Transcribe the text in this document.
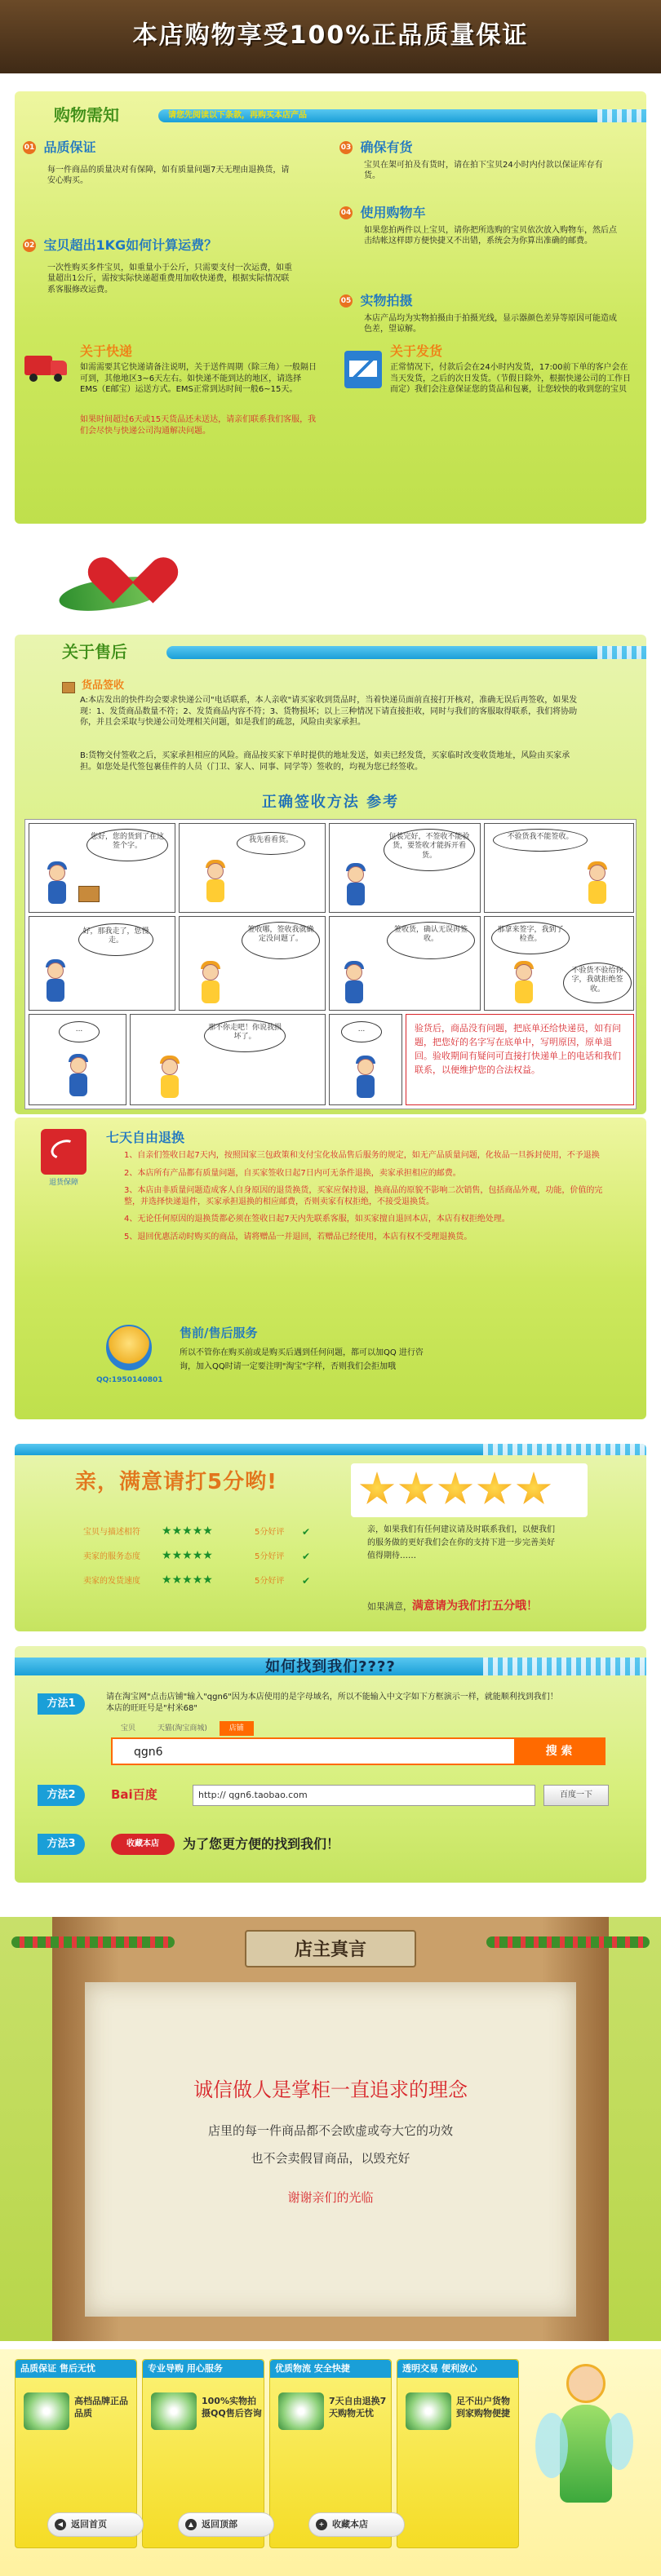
本店购物享受100%正品质量保证
购物需知	请您先阅读以下条款，再购买本店产品
01 品质保证
每一件商品的质量决对有保障，如有质量问题7天无理由退换货，请安心购买。
02 宝贝超出1KG如何计算运费？
一次性购买多件宝贝，如重量小于公斤，只需要支付一次运费，如重量超出1公斤，需按实际快递超重费用加收快递费，根据实际情况联系客服修改运费。
03 确保有货
宝贝在架可拍及有货时，请在拍下宝贝24小时内付款以保证库存有货。
04 使用购物车
如果您拍两件以上宝贝，请你把所选购的宝贝依次放入购物车，然后点击结帐这样即方便快捷又不出错，系统会为你算出准确的邮费。
05 实物拍摄
本店产品均为实物拍摄由于拍摄光线，显示器颜色差异等原因可能造成色差，望谅解。
关于快递
如需需要其它快递请备注说明，关于送件周期（除三角）一般隔日可到，其他地区3~6天左右。如快递不能到达的地区，请选择EMS（E邮宝）运送方式。EMS正常到达时间一般6~15天。
如果时间超过6天或15天货品还未送达，请亲们联系我们客服，我们会尽快与快递公司沟通解决问题。
关于发货
正常情况下，付款后会在24小时内发货，17:00前下单的客户会在当天发货，之后的次日发货。（节假日除外，根据快递公司的工作日而定）我们会注意保证您的货品和包裹，让您较快的收到您的宝贝
温馨提示
关于售后
货品签收
A:本店发出的快件均会要求快递公司"电话联系，本人亲收"请买家收到货品时，当着快递员面前直接打开核对，准确无误后再签收，如果发现：1、发货商品数量不符；2、发货商品内容不符；3、货物损坏；以上三种情况下请直接拒收，同时与我们的客服取得联系，我们将协助你，并且会采取与快递公司处理相关问题，如是我们的疏忽，风险由卖家承担。
B:货物交付签收之后，买家承担相应的风险。商品按买家下单时提供的地址发送，如卖已经发货，买家临时改变收货地址，风险由买家承担。如您处是代签包裹佳件的人员（门卫、家人、同事、同学等）签收的，均视为您已经签收。
正确签收方法 参考
您好，您的货到了在这签个字。
我先看看货。	包装完好，不签收不能验货，要签收才能拆开看货。
不验货我不能签收。
好，那我走了，您慢走。
签收哪，签收我就确定没问题了。
签收货，确认无误再签收。
那拿来签字，我到了检查。
不验货不验给你字，我就拒绝签收。
...	那不你走吧！你说我损坏了。
...	验货后，商品没有问题，把底单还给快递员，如有问题，把您好的名字写在底单中，写明原因，原单退回。验收期间有疑问可直接打快递单上的电话和我们联系，以便维护您的合法权益。
退货保障
七天自由退换
1、自亲们签收日起7天内，按照国家三包政策和支付宝化妆品售后服务的规定，如无产品质量问题，化妆品一旦拆封使用，不予退换
2、本店所有产品都有质量问题，自买家签收日起7日内可无条件退换，卖家承担相应的邮费。
3、本店由非质量问题造成客人自身原因的退货换货，买家应保持退，换商品的原貌不影响二次销售，包括商品外观，功能，价值的完整，并选择快递退件，买家承担退换的相应邮费，否则卖家有权拒绝，不接受退换货。
4、无论任何原因的退换货都必须在签收日起7天内先联系客服，如买家擅自退回本店，本店有权拒绝处理。
5、退回优惠活动时购买的商品，请将赠品一并退回，若赠品已经使用，本店有权不受理退换货。
QQ:1950140801
售前/售后服务
所以不管你在购买前或是购买后遇到任何问题，都可以加QQ 进行咨询，加入QQ时请一定要注明"淘宝"字样，否则我们会拒加哦
亲，满意请打5分哟!
宝贝与描述相符 ★★★★★	5分好评 ✔
卖家的服务态度 ★★★★★	5分好评 ✔
卖家的发货速度 ★★★★★	5分好评 ✔
亲，如果我们有任何建议请及时联系我们，以便我们的服务做的更好我们会在你的支持下进一步完善美好值得期待……
如果满意，满意请为我们打五分哦！
如何找到我们????
方法1
请在淘宝网"点击店铺"输入"qgn6"因为本店使用的是字母域名，所以不能输入中文字如下方框演示一样，就能顺利找到我们！本店的旺旺号是"村米68"
宝贝	天猫(淘宝商城)	店铺
qgn6	搜 索
方法2	Bai百度	http:// qgn6.taobao.com	百度一下
方法3	收藏本店	为了您更方便的找到我们！
店主真言
诚信做人是掌柜一直追求的理念
店里的每一件商品都不会欧虚或夸大它的功效
也不会卖假冒商品，以毁充好
谢谢亲们的光临
品质保证 售后无忧
高档品牌正品品质
专业导购 用心服务
100%实物拍摄QQ售后咨询
优质物流 安全快捷
7天自由退换7天购物无忧
透明交易 便利放心
足不出户货物到家购物便捷
◀ 返回首页	▲ 返回顶部	+ 收藏本店
